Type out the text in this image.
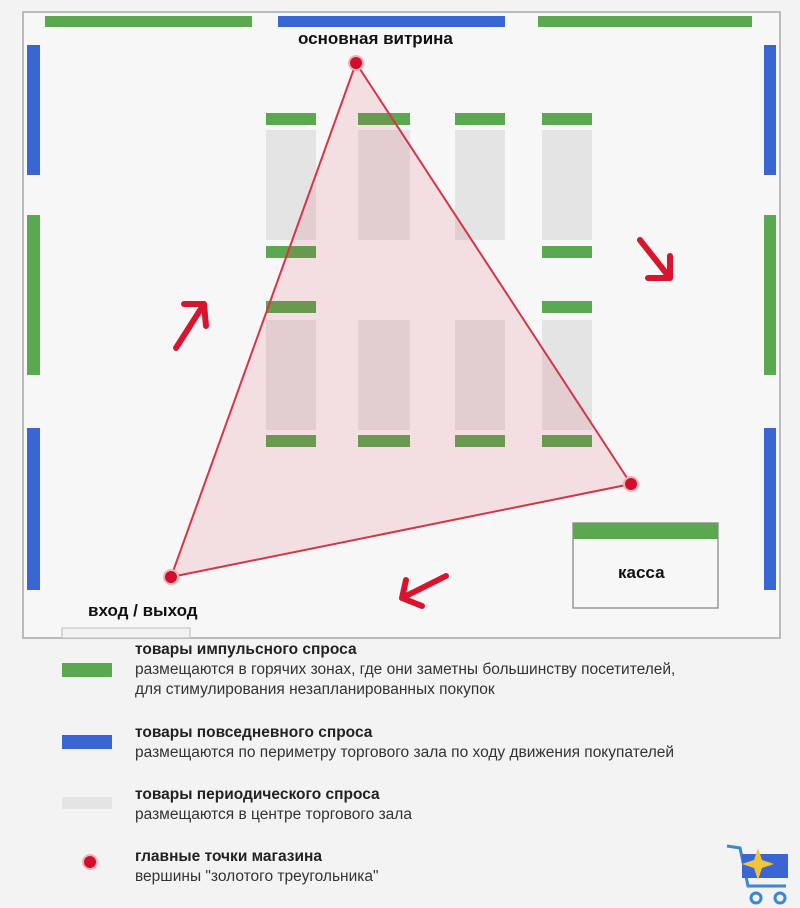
основная витрина
вход / выход
касса
товары импульсного спроса
размещаются в горячих зонах, где они заметны большинству посетителей,
для стимулирования незапланированных покупок
товары повседневного спроса
размещаются по периметру торгового зала по ходу движения покупателей
товары периодического спроса
размещаются в центре торгового зала
главные точки магазина
вершины "золотого треугольника"
